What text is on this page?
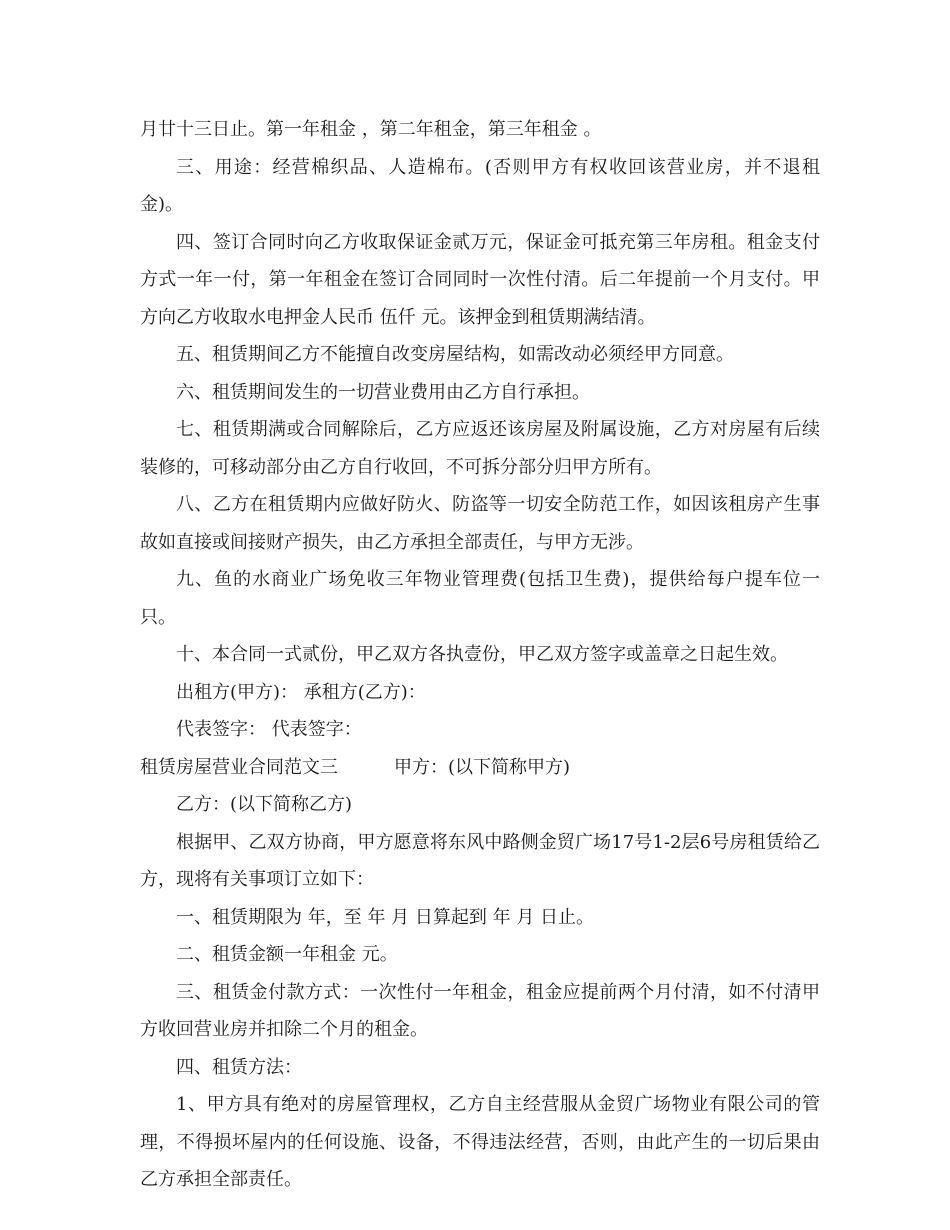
月廿十三日止。第一年租金 ，第二年租金，第三年租金 。

三、用途：经营棉织品、人造棉布。(否则甲方有权收回该营业房，并不退租金)。

四、签订合同时向乙方收取保证金贰万元，保证金可抵充第三年房租。租金支付方式一年一付，第一年租金在签订合同同时一次性付清。后二年提前一个月支付。甲方向乙方收取水电押金人民币 伍仟 元。该押金到租赁期满结清。

五、租赁期间乙方不能擅自改变房屋结构，如需改动必须经甲方同意。

六、租赁期间发生的一切营业费用由乙方自行承担。

七、租赁期满或合同解除后，乙方应返还该房屋及附属设施，乙方对房屋有后续装修的，可移动部分由乙方自行收回，不可拆分部分归甲方所有。

八、乙方在租赁期内应做好防火、防盗等一切安全防范工作，如因该租房产生事故如直接或间接财产损失，由乙方承担全部责任，与甲方无涉。

九、鱼的水商业广场免收三年物业管理费(包括卫生费)，提供给每户提车位一只。

十、本合同一式贰份，甲乙双方各执壹份，甲乙双方签字或盖章之日起生效。

出租方(甲方)： 承租方(乙方)：

代表签字： 代表签字：

租赁房屋营业合同范文三	甲方：(以下简称甲方)

乙方：(以下简称乙方)

根据甲、乙双方协商，甲方愿意将东风中路侧金贸广场17号1-2层6号房租赁给乙方，现将有关事项订立如下：

一、租赁期限为 年，至 年 月 日算起到 年 月 日止。

二、租赁金额一年租金 元。

三、租赁金付款方式：一次性付一年租金，租金应提前两个月付清，如不付清甲方收回营业房并扣除二个月的租金。

四、租赁方法：

1、甲方具有绝对的房屋管理权，乙方自主经营服从金贸广场物业有限公司的管理，不得损坏屋内的任何设施、设备，不得违法经营，否则，由此产生的一切后果由乙方承担全部责任。
